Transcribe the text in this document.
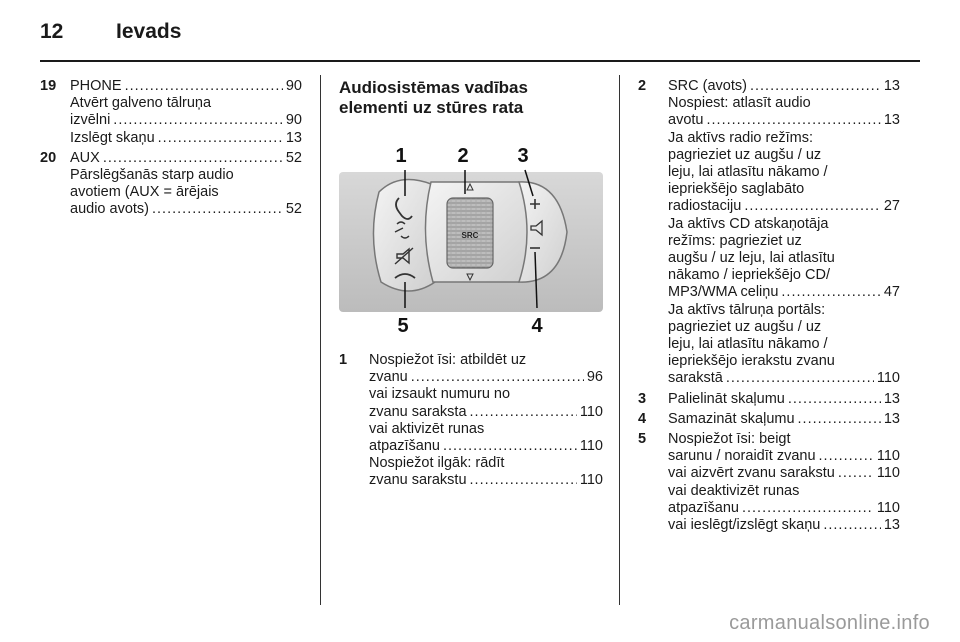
12	Ievads
19 PHONE .....	90
Atvērt galveno tālruņa
izvēlni .....	90
Izslēgt skaņu .....	13
20 AUX .....	52
Pārslēgšanās starp audio
avotiem (AUX = ārējais
audio avots) .....	52
Audiosistēmas vadības
elementi uz stūres rata
SRC
1	2 3
4
5
1 Nospiežot īsi: atbildēt uz
zvanu .....	96
vai izsaukt numuru no
zvanu saraksta .....	110
vai aktivizēt runas
atpazīšanu .....	110
Nospiežot ilgāk: rādīt
zvanu sarakstu .....	110
2 SRC (avots) .....	13
Nospiest: atlasīt audio
avotu .....	13
Ja aktīvs radio režīms:
pagrieziet uz augšu / uz
leju, lai atlasītu nākamo /
iepriekšējo saglabāto
radiostaciju .....	27
Ja aktīvs CD atskaņotāja
režīms: pagrieziet uz
augšu / uz leju, lai atlasītu
nākamo / iepriekšējo CD/
MP3/WMA celiņu .....	47
Ja aktīvs tālruņa portāls:
pagrieziet uz augšu / uz
leju, lai atlasītu nākamo /
iepriekšējo ierakstu zvanu
sarakstā .....	110
3 Palielināt skaļumu .....	13
4 Samazināt skaļumu .....	13
5 Nospiežot īsi: beigt
sarunu / noraidīt zvanu .....	110
vai aizvērt zvanu sarakstu .....	110
vai deaktivizēt runas
atpazīšanu .....	110
vai ieslēgt/izslēgt skaņu .....	13
carmanualsonline.info
